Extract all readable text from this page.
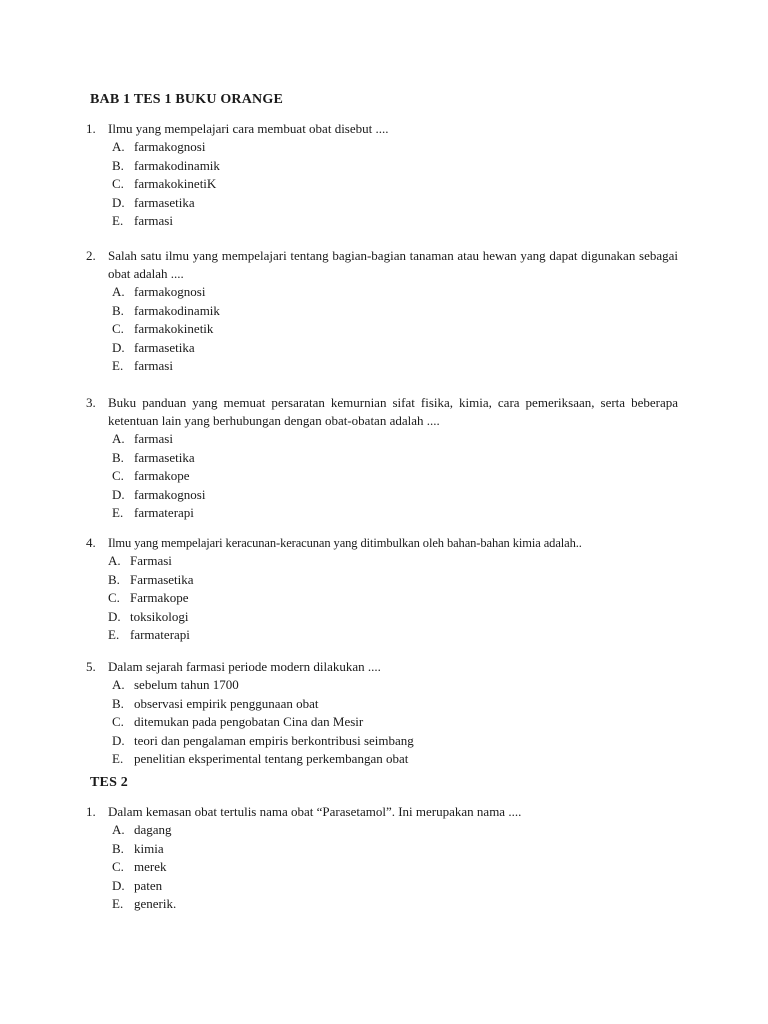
BAB 1 TES 1 BUKU ORANGE
1. Ilmu yang mempelajari cara membuat obat disebut ....
A. farmakognosi
B. farmakodinamik
C. farmakokinetiK
D. farmasetika
E. farmasi
2. Salah satu ilmu yang mempelajari tentang bagian-bagian tanaman atau hewan yang dapat digunakan sebagai obat adalah ....
A. farmakognosi
B. farmakodinamik
C. farmakokinetik
D. farmasetika
E. farmasi
3. Buku panduan yang memuat persaratan kemurnian sifat fisika, kimia, cara pemeriksaan, serta beberapa ketentuan lain yang berhubungan dengan obat-obatan adalah ....
A. farmasi
B. farmasetika
C. farmakope
D. farmakognosi
E. farmaterapi
4. Ilmu yang mempelajari keracunan-keracunan yang ditimbulkan oleh bahan-bahan kimia adalah..
A. Farmasi
B. Farmasetika
C. Farmakope
D. toksikologi
E. farmaterapi
5. Dalam sejarah farmasi periode modern dilakukan ....
A. sebelum tahun 1700
B. observasi empirik penggunaan obat
C. ditemukan pada pengobatan Cina dan Mesir
D. teori dan pengalaman empiris berkontribusi seimbang
E. penelitian eksperimental tentang perkembangan obat
TES 2
1. Dalam kemasan obat tertulis nama obat “Parasetamol”. Ini merupakan nama ....
A. dagang
B. kimia
C. merek
D. paten
E. generik.
